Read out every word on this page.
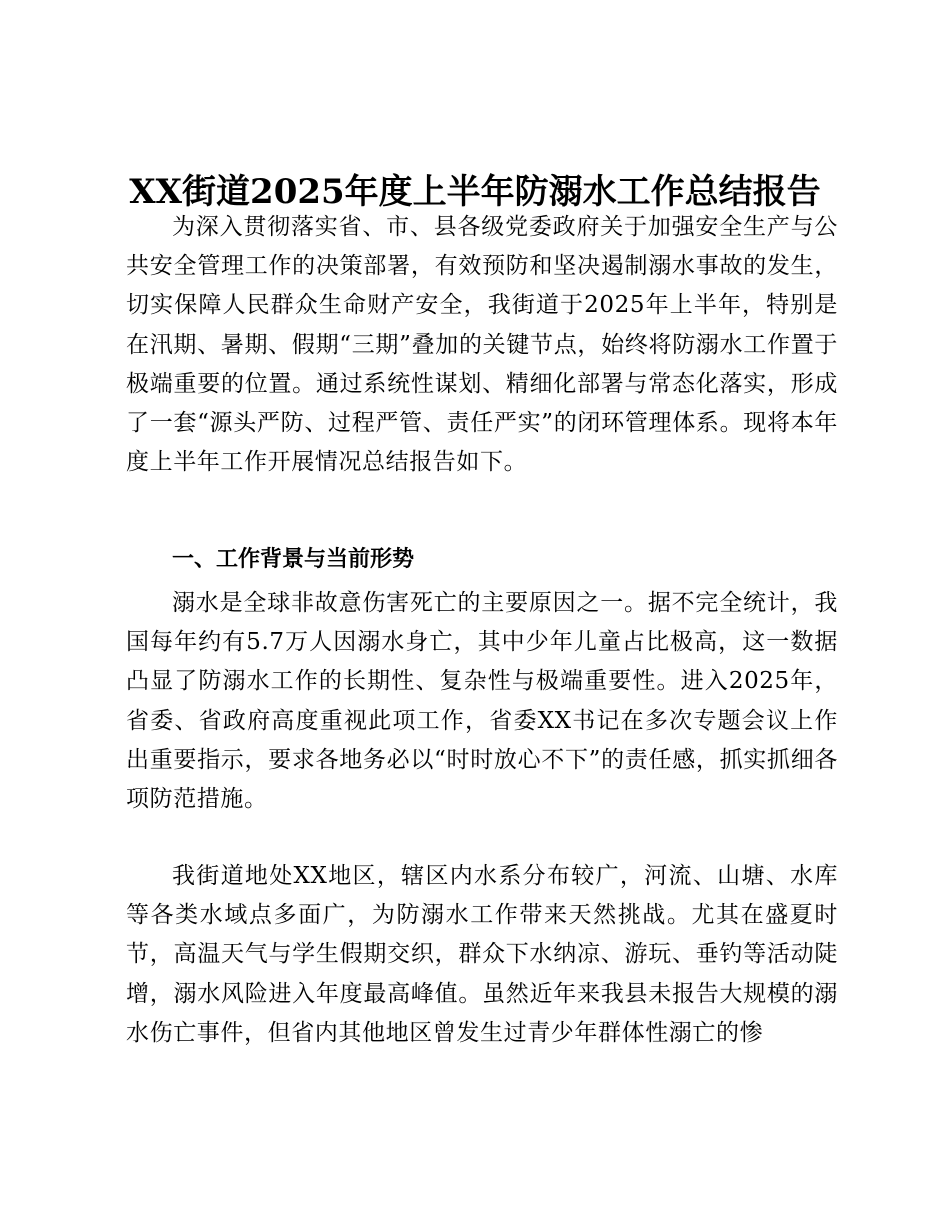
XX街道2025年度上半年防溺水工作总结报告

为深入贯彻落实省、市、县各级党委政府关于加强安全生产与公共安全管理工作的决策部署，有效预防和坚决遏制溺水事故的发生，切实保障人民群众生命财产安全，我街道于2025年上半年，特别是在汛期、暑期、假期“三期”叠加的关键节点，始终将防溺水工作置于极端重要的位置。通过系统性谋划、精细化部署与常态化落实，形成了一套“源头严防、过程严管、责任严实”的闭环管理体系。现将本年度上半年工作开展情况总结报告如下。

一、工作背景与当前形势

溺水是全球非故意伤害死亡的主要原因之一。据不完全统计，我国每年约有5.7万人因溺水身亡，其中少年儿童占比极高，这一数据凸显了防溺水工作的长期性、复杂性与极端重要性。进入2025年，省委、省政府高度重视此项工作，省委XX书记在多次专题会议上作出重要指示，要求各地务必以“时时放心不下”的责任感，抓实抓细各项防范措施。

我街道地处XX地区，辖区内水系分布较广，河流、山塘、水库等各类水域点多面广，为防溺水工作带来天然挑战。尤其在盛夏时节，高温天气与学生假期交织，群众下水纳凉、游玩、垂钓等活动陡增，溺水风险进入年度最高峰值。虽然近年来我县未报告大规模的溺水伤亡事件，但省内其他地区曾发生过青少年群体性溺亡的惨
